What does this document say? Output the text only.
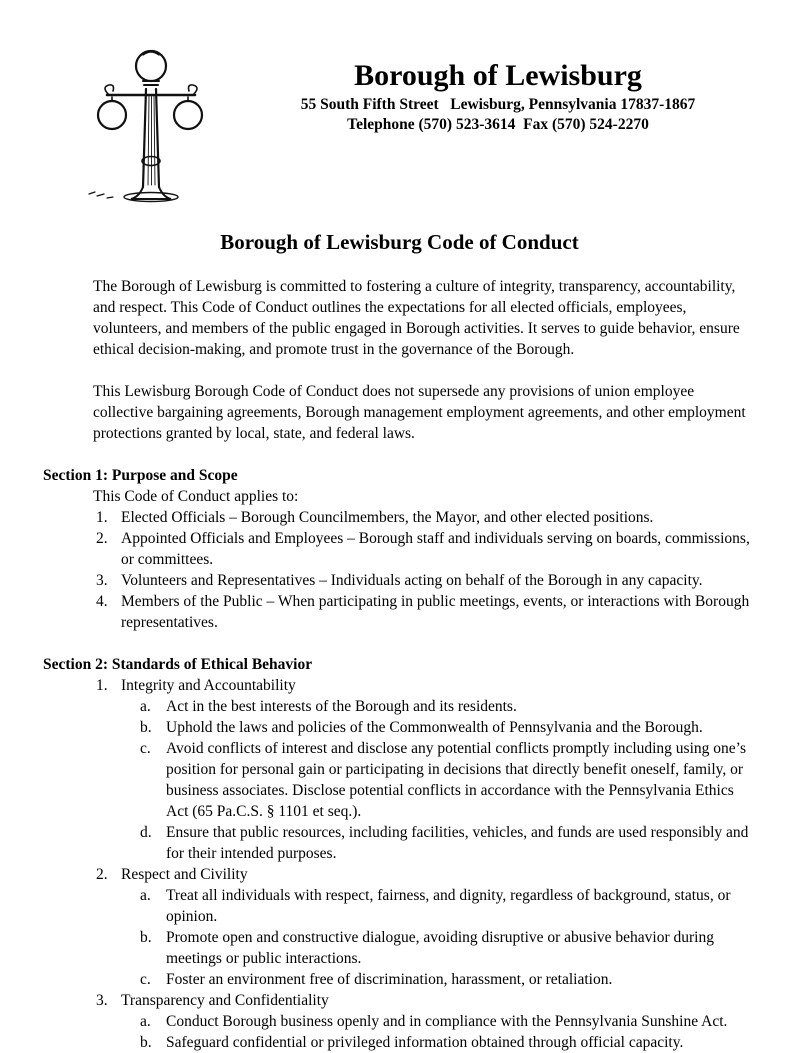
Borough of Lewisburg
55 South Fifth Street   Lewisburg, Pennsylvania 17837-1867
Telephone (570) 523-3614  Fax (570) 524-2270
Borough of Lewisburg Code of Conduct
The Borough of Lewisburg is committed to fostering a culture of integrity, transparency, accountability, and respect. This Code of Conduct outlines the expectations for all elected officials, employees, volunteers, and members of the public engaged in Borough activities. It serves to guide behavior, ensure ethical decision-making, and promote trust in the governance of the Borough.
This Lewisburg Borough Code of Conduct does not supersede any provisions of union employee collective bargaining agreements, Borough management employment agreements, and other employment protections granted by local, state, and federal laws.
Section 1: Purpose and Scope
This Code of Conduct applies to:
1. Elected Officials – Borough Councilmembers, the Mayor, and other elected positions.
2. Appointed Officials and Employees – Borough staff and individuals serving on boards, commissions, or committees.
3. Volunteers and Representatives – Individuals acting on behalf of the Borough in any capacity.
4. Members of the Public – When participating in public meetings, events, or interactions with Borough representatives.
Section 2: Standards of Ethical Behavior
1. Integrity and Accountability
a. Act in the best interests of the Borough and its residents.
b. Uphold the laws and policies of the Commonwealth of Pennsylvania and the Borough.
c. Avoid conflicts of interest and disclose any potential conflicts promptly including using one’s position for personal gain or participating in decisions that directly benefit oneself, family, or business associates. Disclose potential conflicts in accordance with the Pennsylvania Ethics Act (65 Pa.C.S. § 1101 et seq.).
d. Ensure that public resources, including facilities, vehicles, and funds are used responsibly and for their intended purposes.
2. Respect and Civility
a. Treat all individuals with respect, fairness, and dignity, regardless of background, status, or opinion.
b. Promote open and constructive dialogue, avoiding disruptive or abusive behavior during meetings or public interactions.
c. Foster an environment free of discrimination, harassment, or retaliation.
3. Transparency and Confidentiality
a. Conduct Borough business openly and in compliance with the Pennsylvania Sunshine Act.
b. Safeguard confidential or privileged information obtained through official capacity.
